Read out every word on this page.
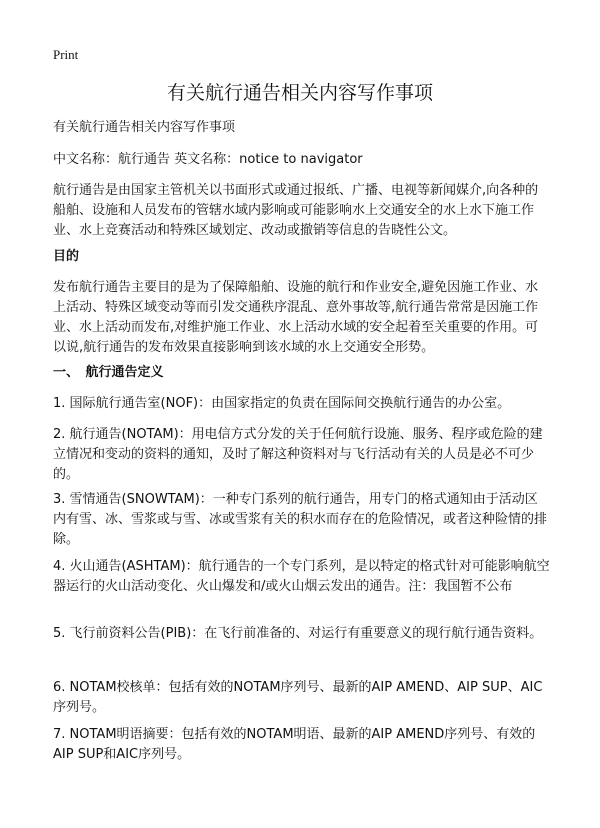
Print
有关航行通告相关内容写作事项

有关航行通告相关内容写作事项

中文名称：航行通告 英文名称：notice to navigator

航行通告是由国家主管机关以书面形式或通过报纸、广播、电视等新闻媒介,向各种的船舶、设施和人员发布的管辖水域内影响或可能影响水上交通安全的水上水下施工作业、水上竞赛活动和特殊区域划定、改动或撤销等信息的告晓性公文。

目的

发布航行通告主要目的是为了保障船舶、设施的航行和作业安全,避免因施工作业、水上活动、特殊区域变动等而引发交通秩序混乱、意外事故等,航行通告常常是因施工作业、水上活动而发布,对维护施工作业、水上活动水域的安全起着至关重要的作用。可以说,航行通告的发布效果直接影响到该水域的水上交通安全形势。

一、　航行通告定义

1. 国际航行通告室(NOF)：由国家指定的负责在国际间交换航行通告的办公室。

2. 航行通告(NOTAM)：用电信方式分发的关于任何航行设施、服务、程序或危险的建立情况和变动的资料的通知，及时了解这种资料对与飞行活动有关的人员是必不可少的。

3. 雪情通告(SNOWTAM)：一种专门系列的航行通告，用专门的格式通知由于活动区内有雪、冰、雪浆或与雪、冰或雪浆有关的积水而存在的危险情况，或者这种险情的排除。

4. 火山通告(ASHTAM)：航行通告的一个专门系列，是以特定的格式针对可能影响航空器运行的火山活动变化、火山爆发和/或火山烟云发出的通告。注：我国暂不公布

5. 飞行前资料公告(PIB)：在飞行前准备的、对运行有重要意义的现行航行通告资料。

6. NOTAM校核单：包括有效的NOTAM序列号、最新的AIP AMEND、AIP SUP、AIC序列号。

7. NOTAM明语摘要：包括有效的NOTAM明语、最新的AIP AMEND序列号、有效的AIP SUP和AIC序列号。
